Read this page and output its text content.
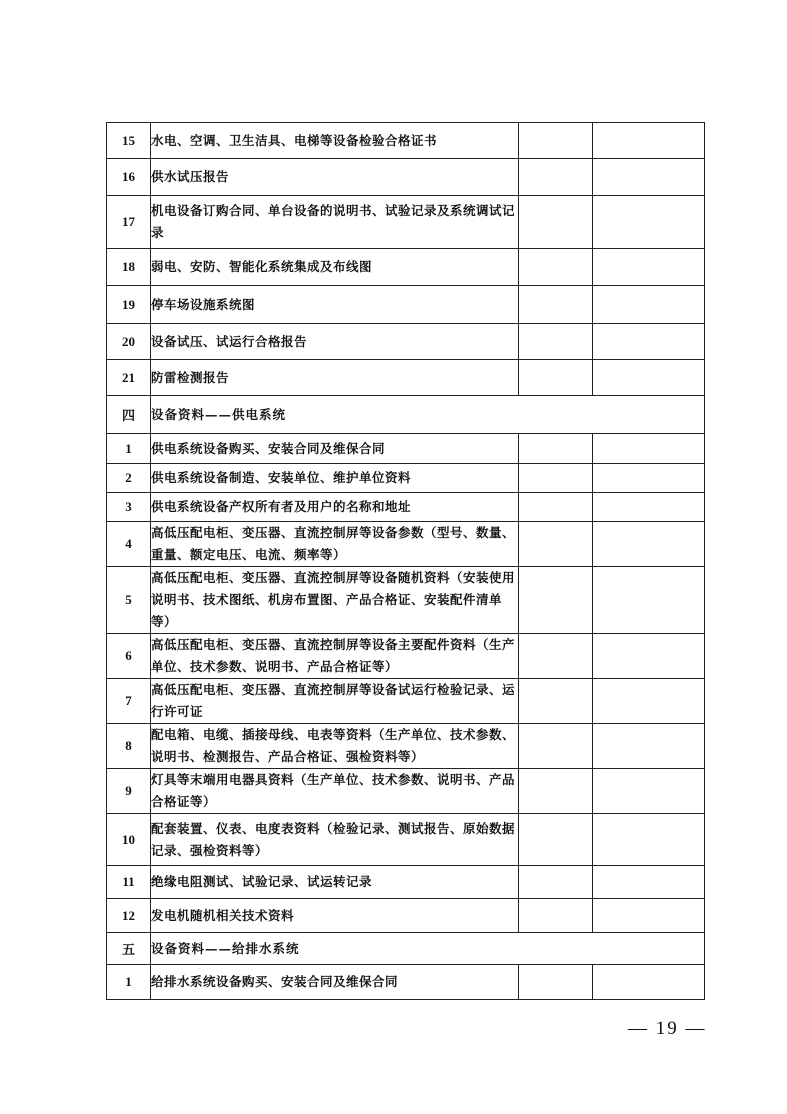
15	水电、空调、卫生洁具、电梯等设备检验合格证书		
16	供水试压报告		
17	机电设备订购合同、单台设备的说明书、试验记录及系统调试记录		
18	弱电、安防、智能化系统集成及布线图		
19	停车场设施系统图		
20	设备试压、试运行合格报告		
21	防雷检测报告		
四	设备资料——供电系统		
1	供电系统设备购买、安装合同及维保合同		
2	供电系统设备制造、安装单位、维护单位资料		
3	供电系统设备产权所有者及用户的名称和地址		
4	高低压配电柜、变压器、直流控制屏等设备参数（型号、数量、重量、额定电压、电流、频率等）		
5	高低压配电柜、变压器、直流控制屏等设备随机资料（安装使用说明书、技术图纸、机房布置图、产品合格证、安装配件清单等）		
6	高低压配电柜、变压器、直流控制屏等设备主要配件资料（生产单位、技术参数、说明书、产品合格证等）		
7	高低压配电柜、变压器、直流控制屏等设备试运行检验记录、运行许可证		
8	配电箱、电缆、插接母线、电表等资料（生产单位、技术参数、说明书、检测报告、产品合格证、强检资料等）		
9	灯具等末端用电器具资料（生产单位、技术参数、说明书、产品合格证等）		
10	配套装置、仪表、电度表资料（检验记录、测试报告、原始数据记录、强检资料等）		
11	绝缘电阻测试、试验记录、试运转记录		
12	发电机随机相关技术资料		
五	设备资料——给排水系统		
1	给排水系统设备购买、安装合同及维保合同		
— 19 —
